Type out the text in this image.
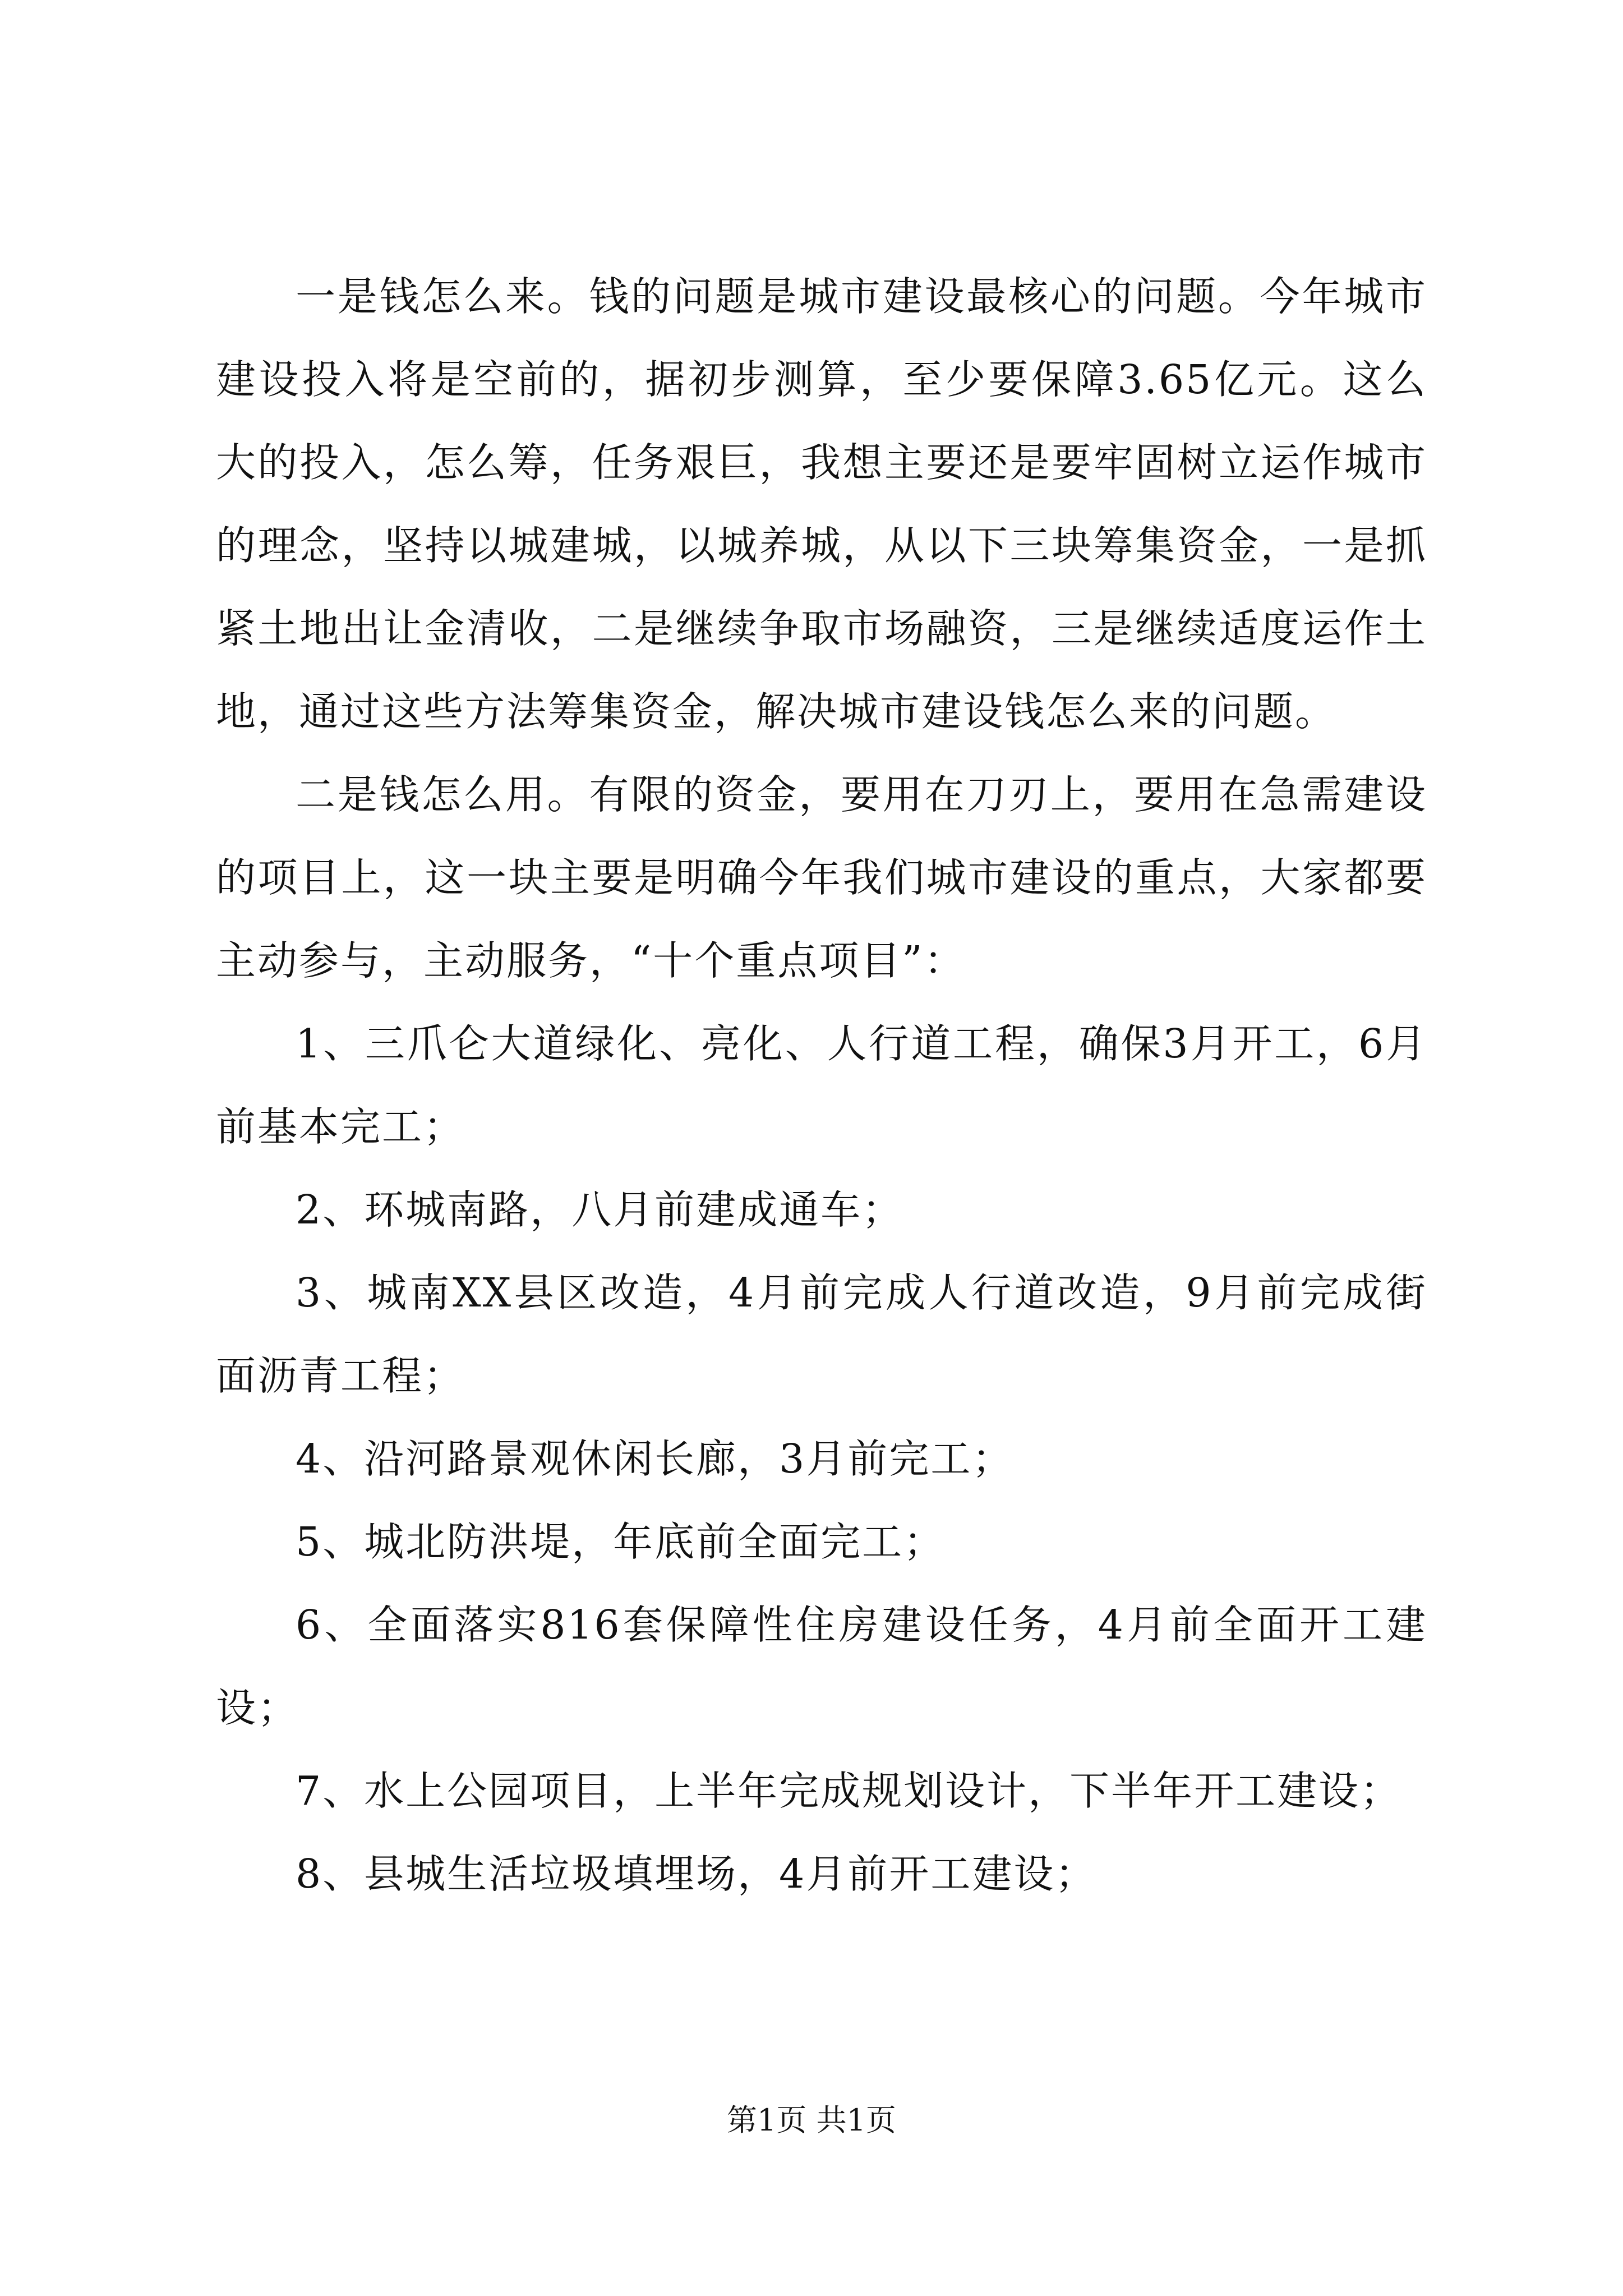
一是钱怎么来。钱的问题是城市建设最核心的问题。今年城市建设投入将是空前的，据初步测算，至少要保障3.65亿元。这么大的投入，怎么筹，任务艰巨，我想主要还是要牢固树立运作城市的理念，坚持以城建城，以城养城，从以下三块筹集资金，一是抓紧土地出让金清收，二是继续争取市场融资，三是继续适度运作土地，通过这些方法筹集资金，解决城市建设钱怎么来的问题。

二是钱怎么用。有限的资金，要用在刀刃上，要用在急需建设的项目上，这一块主要是明确今年我们城市建设的重点，大家都要主动参与，主动服务，“十个重点项目”：

1、三爪仑大道绿化、亮化、人行道工程，确保3月开工，6月前基本完工；

2、环城南路，八月前建成通车；

3、城南XX县区改造，4月前完成人行道改造，9月前完成街面沥青工程；

4、沿河路景观休闲长廊，3月前完工；

5、城北防洪堤，年底前全面完工；

6、全面落实816套保障性住房建设任务，4月前全面开工建设；

7、水上公园项目，上半年完成规划设计，下半年开工建设；

8、县城生活垃圾填埋场，4月前开工建设；

第1页 共1页
